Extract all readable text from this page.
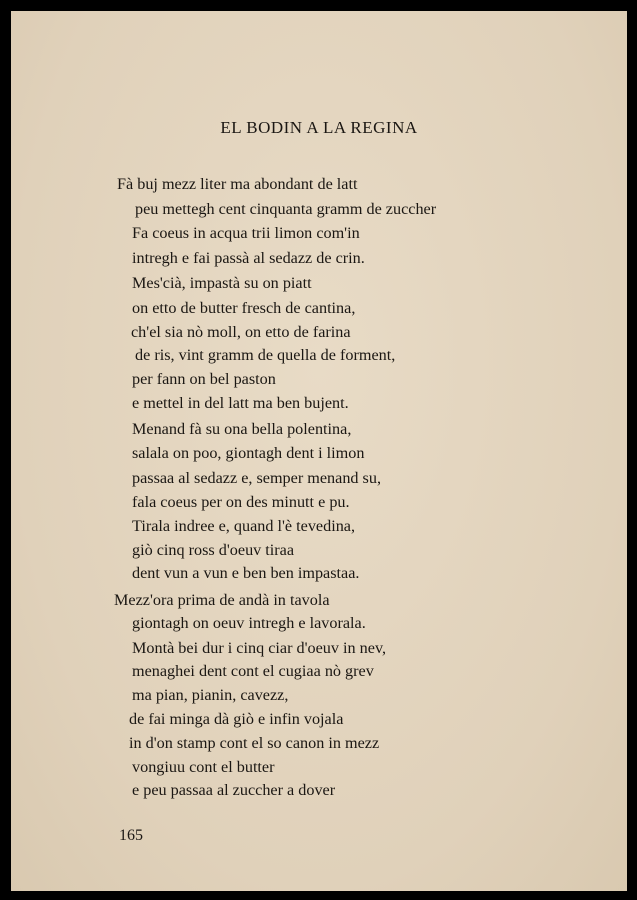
EL BODIN A LA REGINA
Fà buj mezz liter ma abondant de latt
peu mettegh cent cinquanta gramm de zuccher
Fa coeus in acqua trii limon com'in
intregh e fai passà al sedazz de crin.
Mes'cià, impastà su on piatt
on etto de butter fresch de cantina,
ch'el sia nò moll, on etto de farina
de ris, vint gramm de quella de forment,
per fann on bel paston
e mettel in del latt ma ben bujent.
Menand fà su ona bella polentina,
salala on poo, giontagh dent i limon
passaa al sedazz e, semper menand su,
fala coeus per on des minutt e pu.
Tirala indree e, quand l'è tevedina,
giò cinq ross d'oeuv tiraa
dent vun a vun e ben ben impastaa.
Mezz'ora prima de andà in tavola
giontagh on oeuv intregh e lavorala.
Montà bei dur i cinq ciar d'oeuv in nev,
menaghei dent cont el cugiaa nò grev
ma pian, pianin, cavezz,
de fai minga dà giò e infin vojala
in d'on stamp cont el so canon in mezz
vongiuu cont el butter
e peu passaa al zuccher a dover
165
